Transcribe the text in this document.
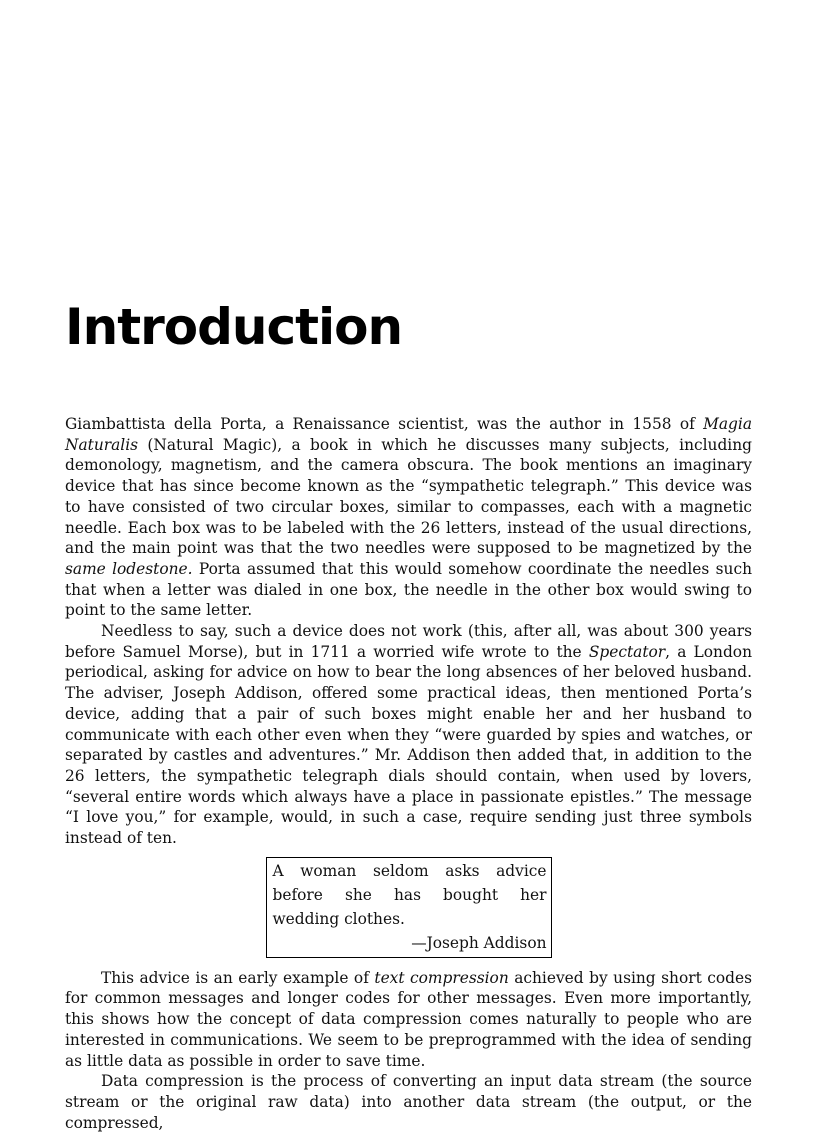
Introduction

Giambattista della Porta, a Renaissance scientist, was the author in 1558 of Magia Naturalis (Natural Magic), a book in which he discusses many subjects, including demonology, magnetism, and the camera obscura. The book mentions an imaginary device that has since become known as the “sympathetic telegraph.” This device was to have consisted of two circular boxes, similar to compasses, each with a magnetic needle. Each box was to be labeled with the 26 letters, instead of the usual directions, and the main point was that the two needles were supposed to be magnetized by the same lodestone. Porta assumed that this would somehow coordinate the needles such that when a letter was dialed in one box, the needle in the other box would swing to point to the same letter.

Needless to say, such a device does not work (this, after all, was about 300 years before Samuel Morse), but in 1711 a worried wife wrote to the Spectator, a London periodical, asking for advice on how to bear the long absences of her beloved husband. The adviser, Joseph Addison, offered some practical ideas, then mentioned Porta’s device, adding that a pair of such boxes might enable her and her husband to communicate with each other even when they “were guarded by spies and watches, or separated by castles and adventures.” Mr. Addison then added that, in addition to the 26 letters, the sympathetic telegraph dials should contain, when used by lovers, “several entire words which always have a place in passionate epistles.” The message “I love you,” for example, would, in such a case, require sending just three symbols instead of ten.

A woman seldom asks advice before she has bought her wedding clothes.
—Joseph Addison

This advice is an early example of text compression achieved by using short codes for common messages and longer codes for other messages. Even more importantly, this shows how the concept of data compression comes naturally to people who are interested in communications. We seem to be preprogrammed with the idea of sending as little data as possible in order to save time.

Data compression is the process of converting an input data stream (the source stream or the original raw data) into another data stream (the output, or the compressed,
